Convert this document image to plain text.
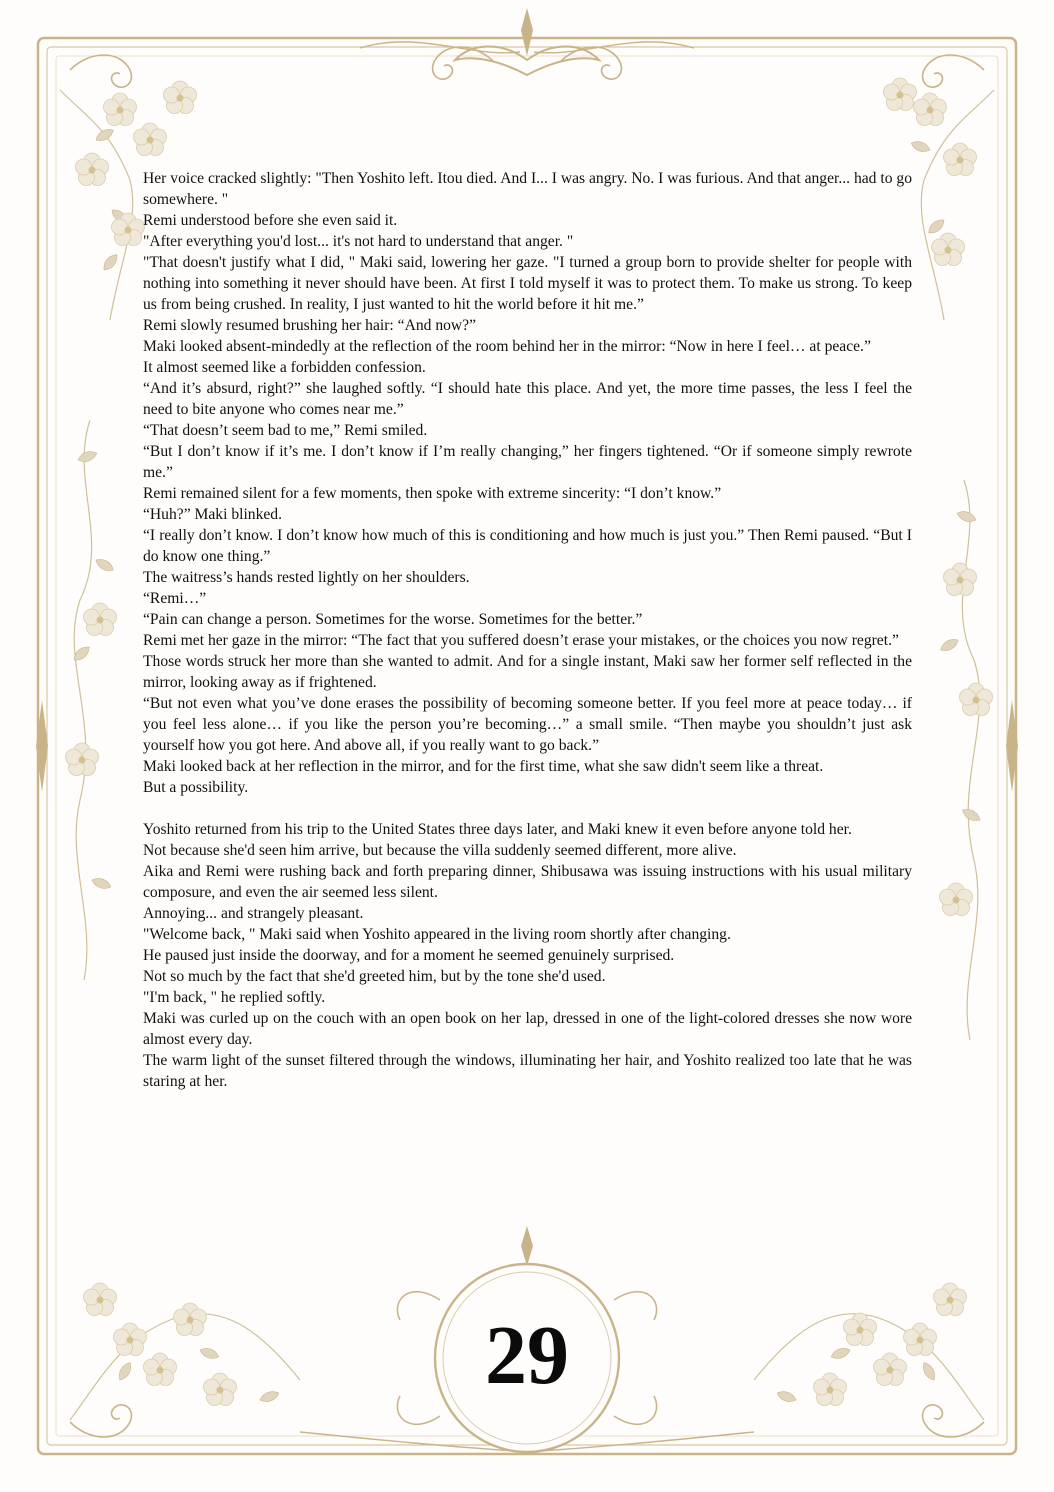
Her voice cracked slightly: "Then Yoshito left. Itou died. And I... I was angry. No. I was furious. And that anger... had to go somewhere. "

Remi understood before she even said it.

"After everything you'd lost... it's not hard to understand that anger. "

"That doesn't justify what I did, " Maki said, lowering her gaze. "I turned a group born to provide shelter for people with nothing into something it never should have been. At first I told myself it was to protect them. To make us strong. To keep us from being crushed. In reality, I just wanted to hit the world before it hit me.”

Remi slowly resumed brushing her hair: “And now?”

Maki looked absent-mindedly at the reflection of the room behind her in the mirror: “Now in here I feel… at peace.”

It almost seemed like a forbidden confession.

“And it’s absurd, right?” she laughed softly. “I should hate this place. And yet, the more time passes, the less I feel the need to bite anyone who comes near me.”

“That doesn’t seem bad to me,” Remi smiled.

“But I don’t know if it’s me. I don’t know if I’m really changing,” her fingers tightened. “Or if someone simply rewrote me.”

Remi remained silent for a few moments, then spoke with extreme sincerity: “I don’t know.”

“Huh?” Maki blinked.

“I really don’t know. I don’t know how much of this is conditioning and how much is just you.” Then Remi paused. “But I do know one thing.”

The waitress’s hands rested lightly on her shoulders.

“Remi…”

“Pain can change a person. Sometimes for the worse. Sometimes for the better.”

Remi met her gaze in the mirror: “The fact that you suffered doesn’t erase your mistakes, or the choices you now regret.”

Those words struck her more than she wanted to admit. And for a single instant, Maki saw her former self reflected in the mirror, looking away as if frightened.

“But not even what you’ve done erases the possibility of becoming someone better. If you feel more at peace today… if you feel less alone… if you like the person you’re becoming…” a small smile. “Then maybe you shouldn’t just ask yourself how you got here. And above all, if you really want to go back.”

Maki looked back at her reflection in the mirror, and for the first time, what she saw didn't seem like a threat.

But a possibility.

Yoshito returned from his trip to the United States three days later, and Maki knew it even before anyone told her.

Not because she'd seen him arrive, but because the villa suddenly seemed different, more alive.

Aika and Remi were rushing back and forth preparing dinner, Shibusawa was issuing instructions with his usual military composure, and even the air seemed less silent.

Annoying... and strangely pleasant.

"Welcome back, " Maki said when Yoshito appeared in the living room shortly after changing.

He paused just inside the doorway, and for a moment he seemed genuinely surprised.

Not so much by the fact that she'd greeted him, but by the tone she'd used.

"I'm back, " he replied softly.

Maki was curled up on the couch with an open book on her lap, dressed in one of the light-colored dresses she now wore almost every day.

The warm light of the sunset filtered through the windows, illuminating her hair, and Yoshito realized too late that he was staring at her.

29
